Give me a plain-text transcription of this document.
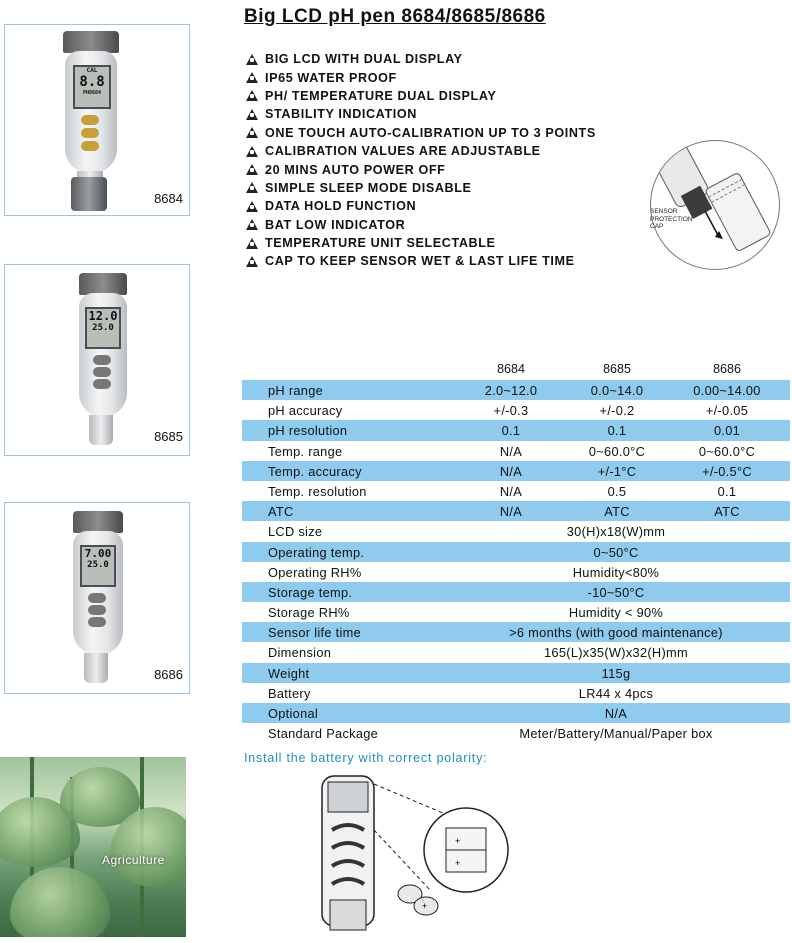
Big LCD pH pen 8684/8685/8686
CAL
8.8
PH8684
8684
12.0
25.0
8685
7.00
25.0
8686
BIG LCD WITH DUAL DISPLAY
IP65 WATER PROOF
PH/ TEMPERATURE DUAL DISPLAY
STABILITY INDICATION
ONE TOUCH AUTO-CALIBRATION UP TO 3 POINTS
CALIBRATION VALUES ARE ADJUSTABLE
20 MINS AUTO POWER OFF
SIMPLE SLEEP MODE DISABLE
DATA HOLD FUNCTION
BAT LOW INDICATOR
TEMPERATURE UNIT SELECTABLE
CAP TO KEEP SENSOR WET & LAST LIFE TIME
SENSOR
PROTECTION
CAP
8684	8685	8686
pH range	2.0~12.0	0.0~14.0	0.00~14.00
pH accuracy	+/-0.3	+/-0.2	+/-0.05
pH resolution	0.1	0.1	0.01
Temp. range	N/A	0~60.0°C	0~60.0°C
Temp. accuracy	N/A	+/-1°C	+/-0.5°C
Temp. resolution	N/A	0.5	0.1
ATC	N/A	ATC	ATC
LCD size	30(H)x18(W)mm
Operating temp.	0~50°C
Operating RH%	Humidity<80%
Storage temp.	-10~50°C
Storage RH%	Humidity < 90%
Sensor life time	>6 months (with good maintenance)
Dimension	165(L)x35(W)x32(H)mm
Weight	115g
Battery	LR44 x 4pcs
Optional	N/A
Standard Package	Meter/Battery/Manual/Paper box
Install the battery with correct polarity:
Agriculture
+
+
+
